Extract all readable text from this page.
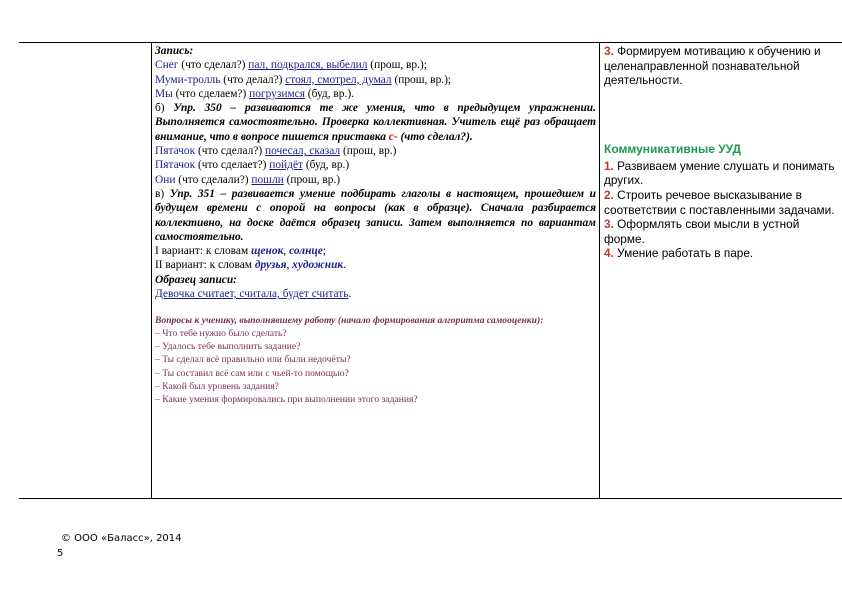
Запись:

Снег (что сделал?) пал, подкрался, выбелил (прош, вр.);

Муми-тролль (что делал?) стоял, смотрел, думал (прош, вр.);

Мы (что сделаем?) погрузимся (буд, вр.).

б) Упр. 350 – развиваются те же умения, что в предыдущем упражнении. Выполняется самостоятельно. Проверка коллективная. Учитель ещё раз обращает внимание, что в вопросе пишется приставка с- (что сделал?).

Пятачок (что сделал?) почесал, сказал (прош, вр.)

Пятачок (что сделает?) пойдёт (буд, вр.)

Они (что сделали?) пошли (прош, вр.)

в) Упр. 351 – развивается умение подбирать глаголы в настоящем, прошедшем и будущем времени с опорой на вопросы (как в образце). Сначала разбирается коллективно, на доске даётся образец записи. Затем выполняется по вариантам самостоятельно.

I вариант: к словам щенок, солнце;

II вариант: к словам друзья, художник.

Образец записи:

Девочка считает, считала, будет считать.

Вопросы к ученику, выполнявшему работу (начало формирования алгоритма самооценки):

– Что тебе нужно было сделать?

– Удалось тебе выполнить задание?

– Ты сделал всё правильно или были недочёты?

– Ты составил всё сам или с чьей-то помощью?

– Какой был уровень задания?

– Какие умения формировались при выполнении этого задания?

3. Формируем мотивацию к обучению и целенаправленной познавательной деятельности.

Коммуникативные УУД

1. Развиваем умение слушать и понимать других.

2. Строить речевое высказывание в соответствии с поставленными задачами.

3. Оформлять свои мысли в устной форме.

4. Умение работать в паре.

© ООО «Баласс», 2014
5
